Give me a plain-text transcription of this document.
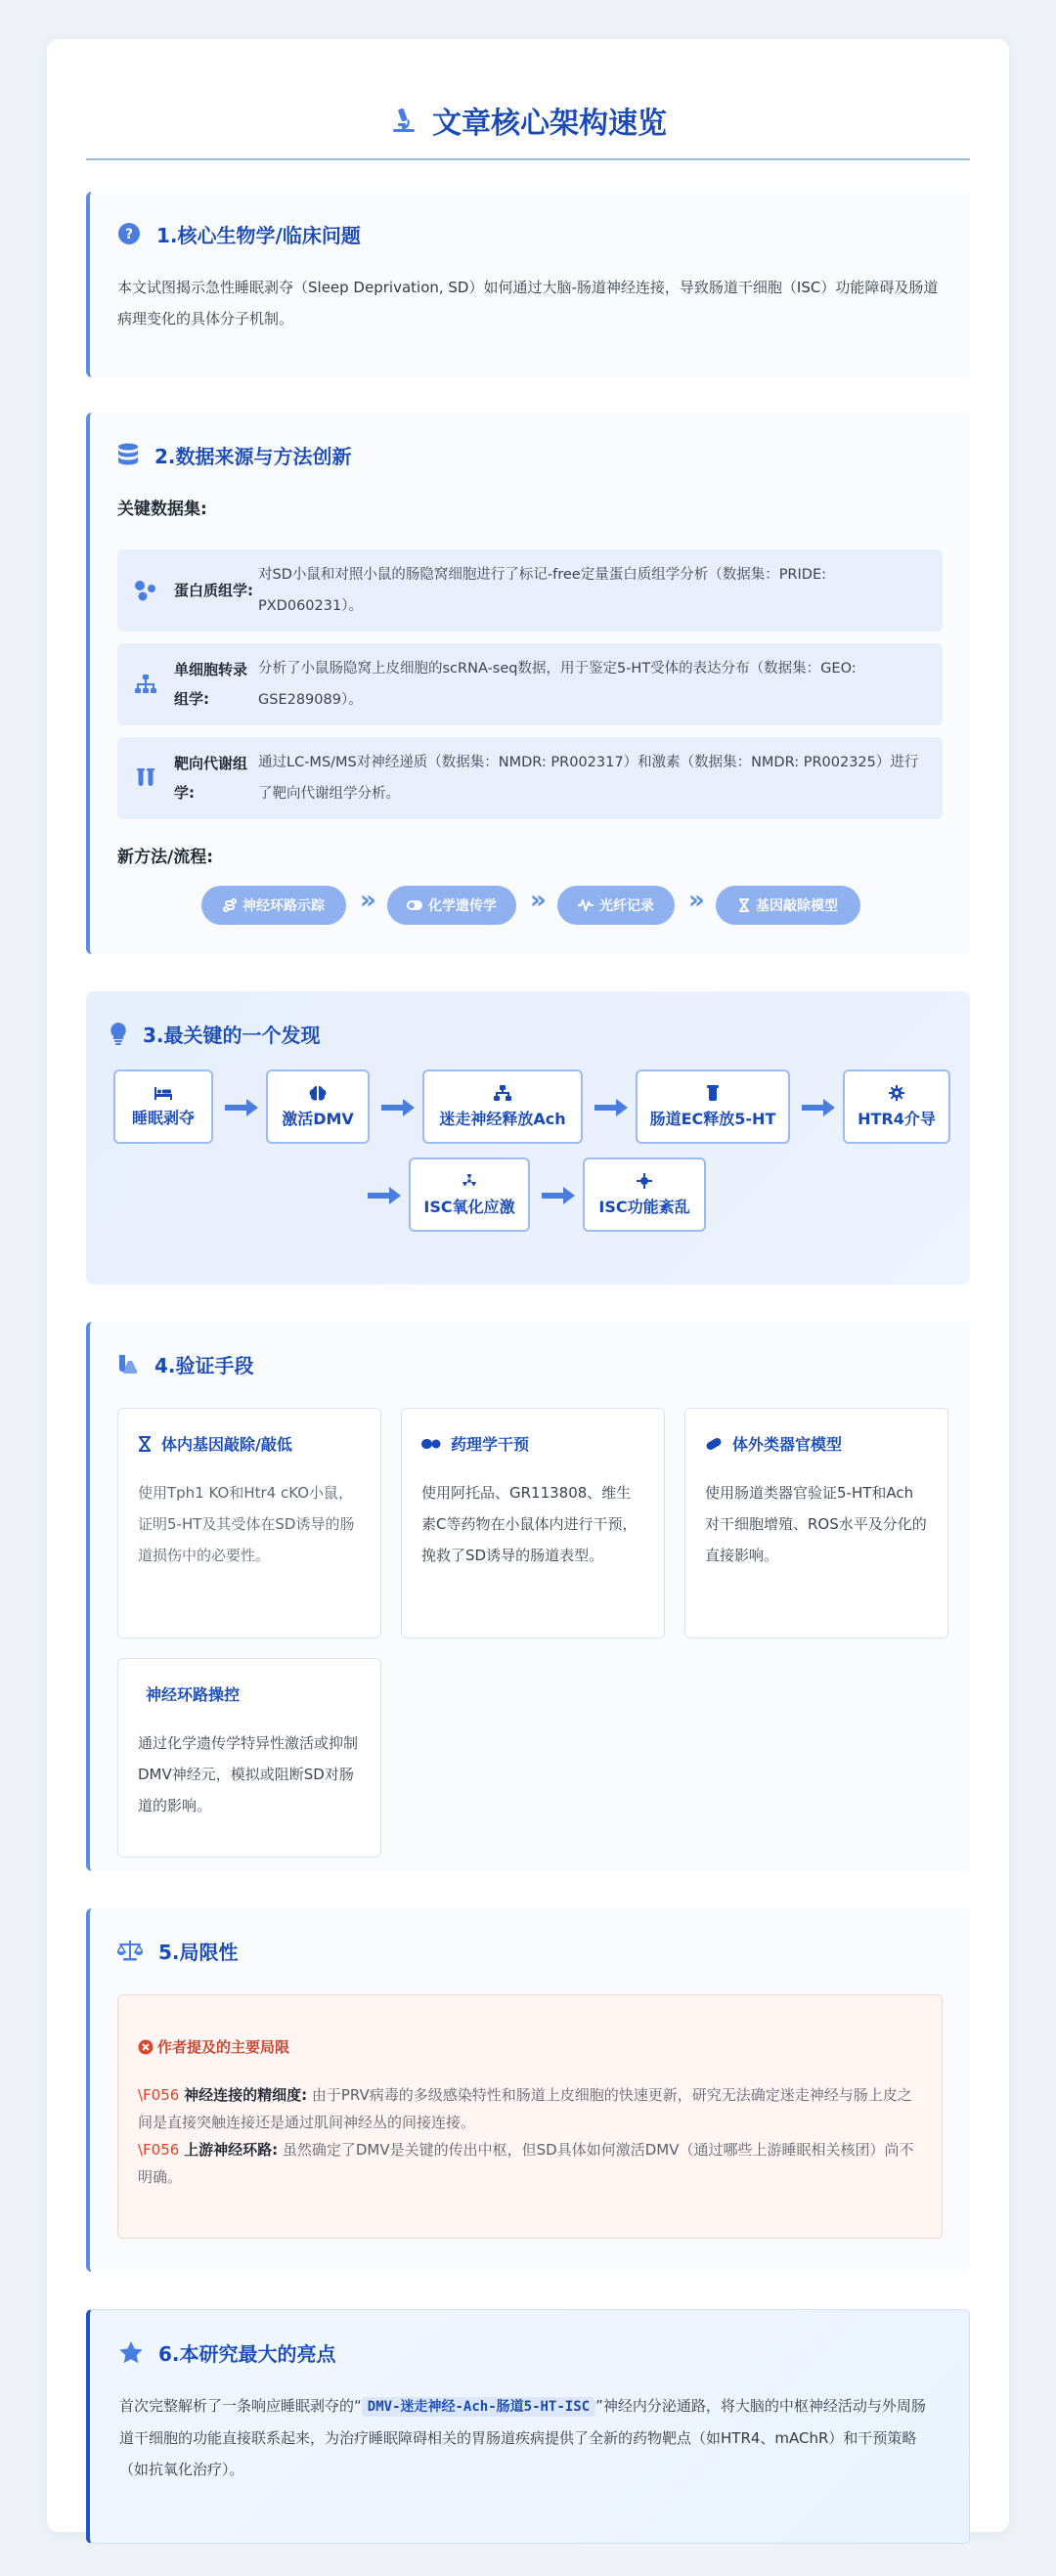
文章核心架构速览
? 1.核心生物学/临床问题
本文试图揭示急性睡眠剥夺（Sleep Deprivation, SD）如何通过大脑-肠道神经连接，导致肠道干细胞（ISC）功能障碍及肠道病理变化的具体分子机制。
2.数据来源与方法创新
关键数据集:
蛋白质组学:
对SD小鼠和对照小鼠的肠隐窝细胞进行了标记-free定量蛋白质组学分析（数据集：PRIDE: PXD060231）。
单细胞转录组学:
分析了小鼠肠隐窝上皮细胞的scRNA-seq数据，用于鉴定5-HT受体的表达分布（数据集：GEO: GSE289089）。
靶向代谢组学:
通过LC-MS/MS对神经递质（数据集：NMDR: PR002317）和激素（数据集：NMDR: PR002325）进行了靶向代谢组学分析。
新方法/流程:
神经环路示踪 »	化学遗传学 »	光纤记录 »	基因敲除模型
3.最关键的一个发现
睡眠剥夺	激活DMV	迷走神经释放Ach	肠道EC释放5-HT	HTR4介导
ISC氧化应激	ISC功能紊乱
4.验证手段
体内基因敲除/敲低
使用Tph1 KO和Htr4 cKO小鼠，证明5-HT及其受体在SD诱导的肠道损伤中的必要性。
药理学干预
使用阿托品、GR113808、维生素C等药物在小鼠体内进行干预，挽救了SD诱导的肠道表型。
体外类器官模型
使用肠道类器官验证5-HT和Ach对干细胞增殖、ROS水平及分化的直接影响。
神经环路操控
通过化学遗传学特异性激活或抑制DMV神经元，模拟或阻断SD对肠道的影响。
5.局限性
作者提及的主要局限
\F056 神经连接的精细度: 由于PRV病毒的多级感染特性和肠道上皮细胞的快速更新，研究无法确定迷走神经与肠上皮之间是直接突触连接还是通过肌间神经丛的间接连接。
\F056 上游神经环路: 虽然确定了DMV是关键的传出中枢，但SD具体如何激活DMV（通过哪些上游睡眠相关核团）尚不明确。
6.本研究最大的亮点
首次完整解析了一条响应睡眠剥夺的“ DMV-迷走神经-Ach-肠道5-HT-ISC ”神经内分泌通路，将大脑的中枢神经活动与外周肠道干细胞的功能直接联系起来，为治疗睡眠障碍相关的胃肠道疾病提供了全新的药物靶点（如HTR4、mAChR）和干预策略（如抗氧化治疗）。
